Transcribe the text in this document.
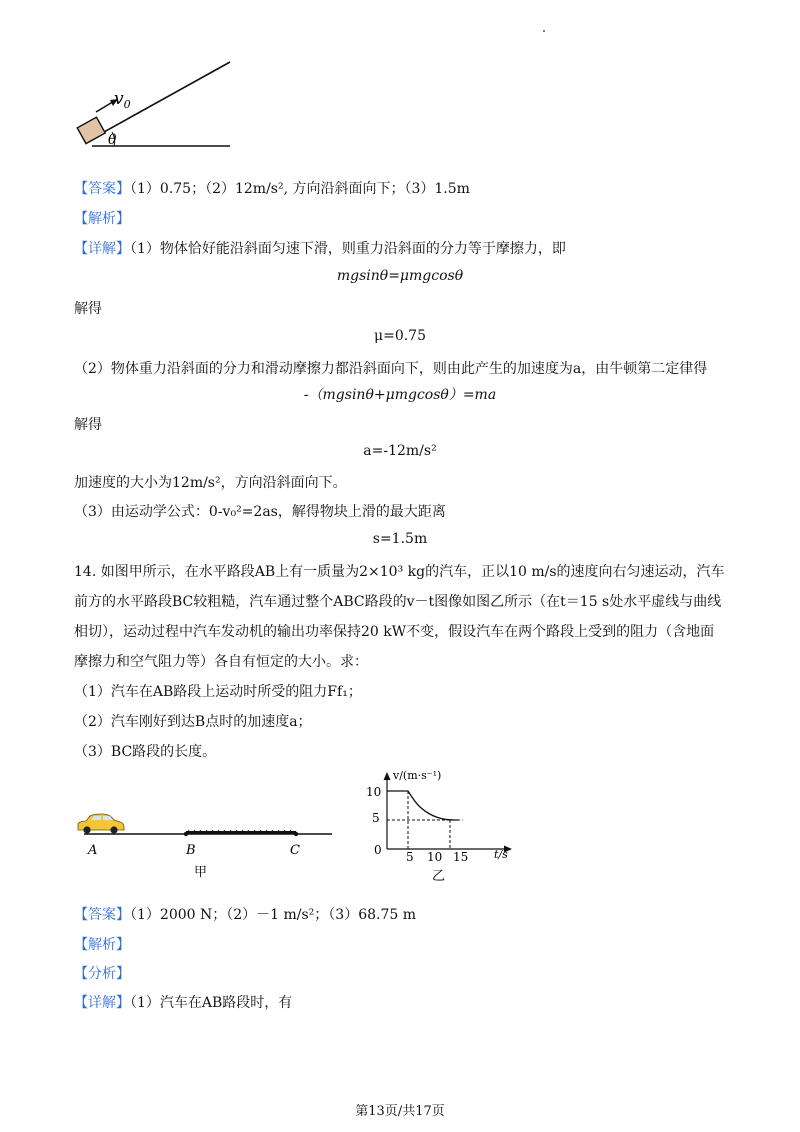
$v_0$
θ
【答案】（1）0.75；（2）12m/s², 方向沿斜面向下；（3）1.5m
【解析】
【详解】（1）物体恰好能沿斜面匀速下滑，则重力沿斜面的分力等于摩擦力，即
mgsinθ=μmgcosθ
解得
μ=0.75
（2）物体重力沿斜面的分力和滑动摩擦力都沿斜面向下，则由此产生的加速度为a，由牛顿第二定律得
-（mgsinθ+μmgcosθ）=ma
解得
a=-12m/s²
加速度的大小为12m/s²，方向沿斜面向下。
（3）由运动学公式：0-v₀²=2as，解得物块上滑的最大距离
s=1.5m
14. 如图甲所示，在水平路段AB上有一质量为2×10³ kg的汽车，正以10 m/s的速度向右匀速运动，汽车
前方的水平路段BC较粗糙，汽车通过整个ABC路段的v－t图像如图乙所示（在t＝15 s处水平虚线与曲线
相切），运动过程中汽车发动机的输出功率保持20 kW不变，假设汽车在两个路段上受到的阻力（含地面
摩擦力和空气阻力等）各自有恒定的大小。求：
（1）汽车在AB路段上运动时所受的阻力Ff₁；
（2）汽车刚好到达B点时的加速度a；
（3）BC路段的长度。
A	B	C
甲
v/(m·s⁻¹)
t/s
0
10
5
5 10 15
乙
【答案】（1）2000 N；（2）－1 m/s²；（3）68.75 m
【解析】
【分析】
【详解】（1）汽车在AB路段时，有
第13页/共17页
